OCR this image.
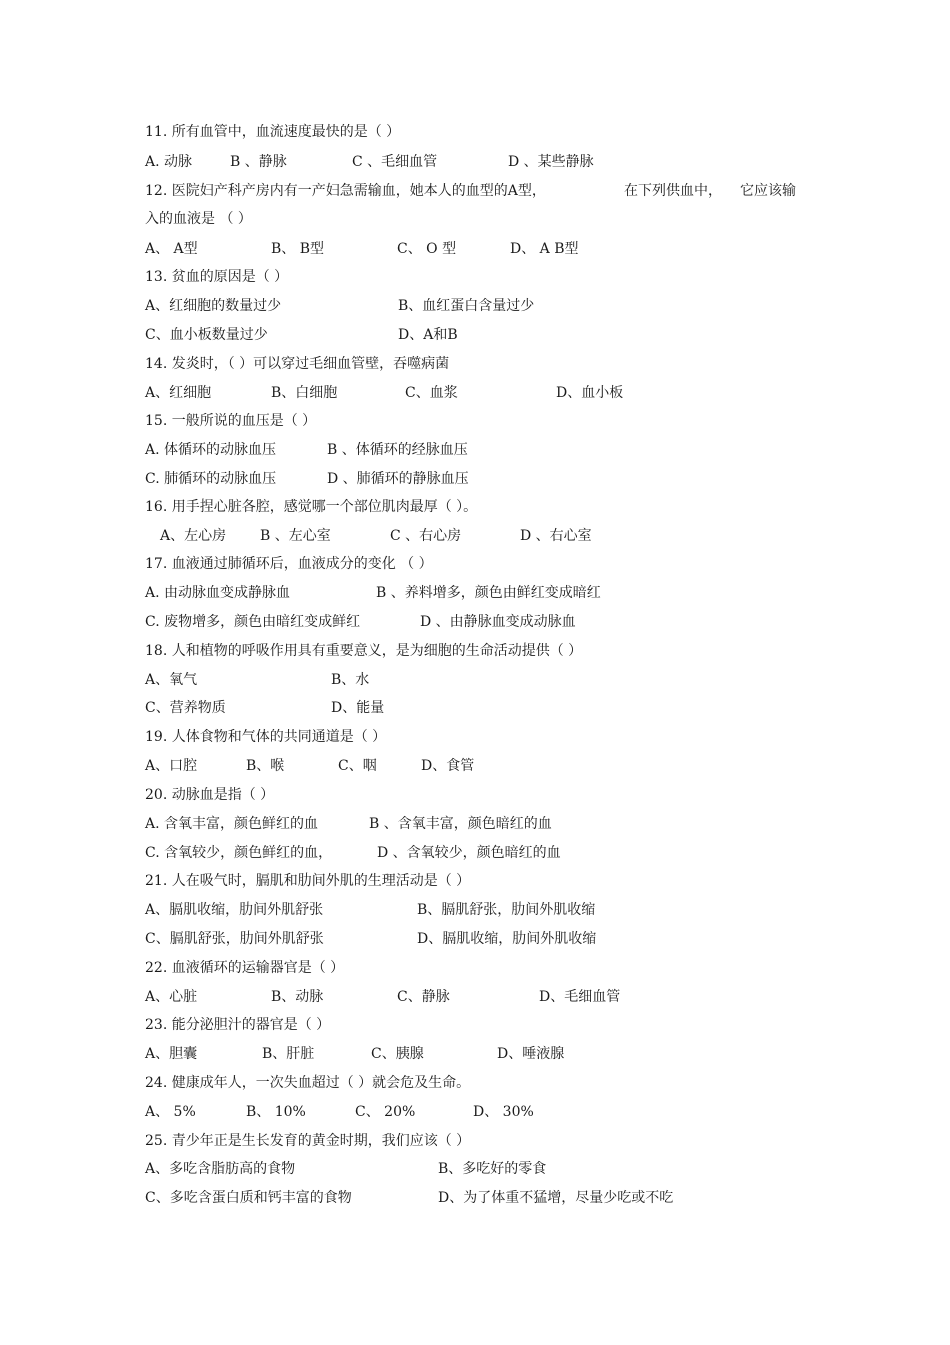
11. 所有血管中，血流速度最快的是（ ）
A. 动脉	B 、静脉	C 、毛细血管	D 、某些静脉
12. 医院妇产科产房内有一产妇急需输血，她本人的血型的A型，	在下列供血中， 它应该输
入的血液是 （ ）
A、 A型	B、 B型	C、 O 型	D、 A B型
13. 贫血的原因是（ ）
A、红细胞的数量过少	B、血红蛋白含量过少
C、血小板数量过少	D、A和B
14. 发炎时，（ ）可以穿过毛细血管壁，吞噬病菌
A、红细胞	B、白细胞	C、血浆	D、血小板
15. 一般所说的血压是（ ）
A. 体循环的动脉血压	B 、体循环的经脉血压
C. 肺循环的动脉血压	D 、肺循环的静脉血压
16. 用手捏心脏各腔，感觉哪一个部位肌肉最厚（ ）。
A、左心房 B 、左心室	C 、右心房	D 、右心室
17. 血液通过肺循环后，血液成分的变化 （ ）
A. 由动脉血变成静脉血	B 、养料增多，颜色由鲜红变成暗红
C. 废物增多，颜色由暗红变成鲜红	D 、由静脉血变成动脉血
18. 人和植物的呼吸作用具有重要意义，是为细胞的生命活动提供（ ）
A、氧气	B、水
C、营养物质	D、能量
19. 人体食物和气体的共同通道是（ ）
A、口腔	B、喉	C、咽	D、食管
20. 动脉血是指（ ）
A. 含氧丰富，颜色鲜红的血	B 、含氧丰富，颜色暗红的血
C. 含氧较少，颜色鲜红的血，	D 、含氧较少，颜色暗红的血
21. 人在吸气时，膈肌和肋间外肌的生理活动是（ ）
A、膈肌收缩，肋间外肌舒张	B、膈肌舒张，肋间外肌收缩
C、膈肌舒张，肋间外肌舒张	D、膈肌收缩，肋间外肌收缩
22. 血液循环的运输器官是（ ）
A、心脏	B、动脉	C、静脉	D、毛细血管
23. 能分泌胆汁的器官是（ ）
A、胆囊	B、肝脏	C、胰腺	D、唾液腺
24. 健康成年人，一次失血超过（ ）就会危及生命。
A、 5%	B、 10%	C、 20%	D、 30%
25. 青少年正是生长发育的黄金时期，我们应该（ ）
A、多吃含脂肪高的食物	B、多吃好的零食
C、多吃含蛋白质和钙丰富的食物	D、为了体重不猛增，尽量少吃或不吃
